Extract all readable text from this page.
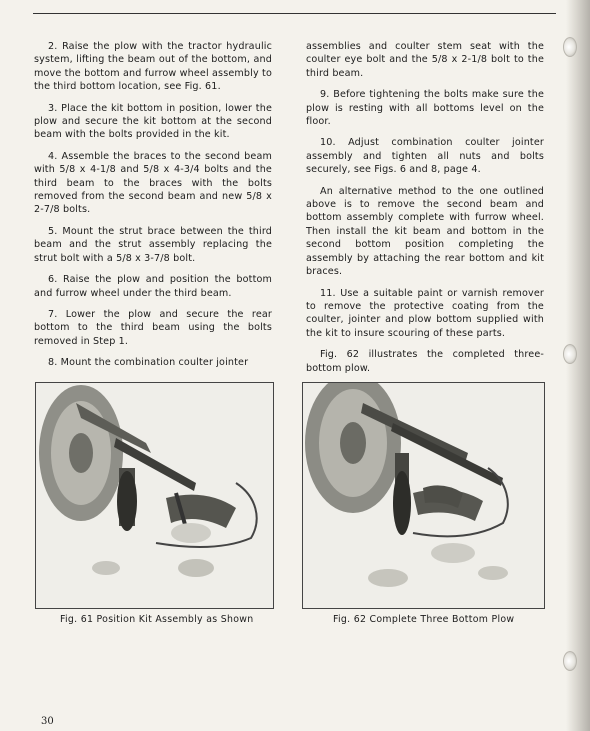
2. Raise the plow with the tractor hydraulic system, lifting the beam out of the bottom, and move the bottom and furrow wheel assembly to the third bottom location, see Fig. 61.

3. Place the kit bottom in position, lower the plow and secure the kit bottom at the second beam with the bolts provided in the kit.

4. Assemble the braces to the second beam with 5/8 x 4-1/8 and 5/8 x 4-3/4 bolts and the third beam to the braces with the bolts removed from the second beam and new 5/8 x 2-7/8 bolts.

5. Mount the strut brace between the third beam and the strut assembly replacing the strut bolt with a 5/8 x 3-7/8 bolt.

6. Raise the plow and position the bottom and furrow wheel under the third beam.

7. Lower the plow and secure the rear bottom to the third beam using the bolts removed in Step 1.

8. Mount the combination coulter jointer

assemblies and coulter stem seat with the coulter eye bolt and the 5/8 x 2-1/8 bolt to the third beam.

9. Before tightening the bolts make sure the plow is resting with all bottoms level on the floor.

10. Adjust combination coulter jointer assembly and tighten all nuts and bolts securely, see Figs. 6 and 8, page 4.

An alternative method to the one outlined above is to remove the second beam and bottom assembly complete with furrow wheel. Then install the kit beam and bottom in the second bottom position completing the assembly by attaching the rear bottom and kit braces.

11. Use a suitable paint or varnish remover to remove the protective coating from the coulter, jointer and plow bottom supplied with the kit to insure scouring of these parts.

Fig. 62 illustrates the completed three-bottom plow.

Fig. 61 Position Kit Assembly as Shown	Fig. 62 Complete Three Bottom Plow
30
